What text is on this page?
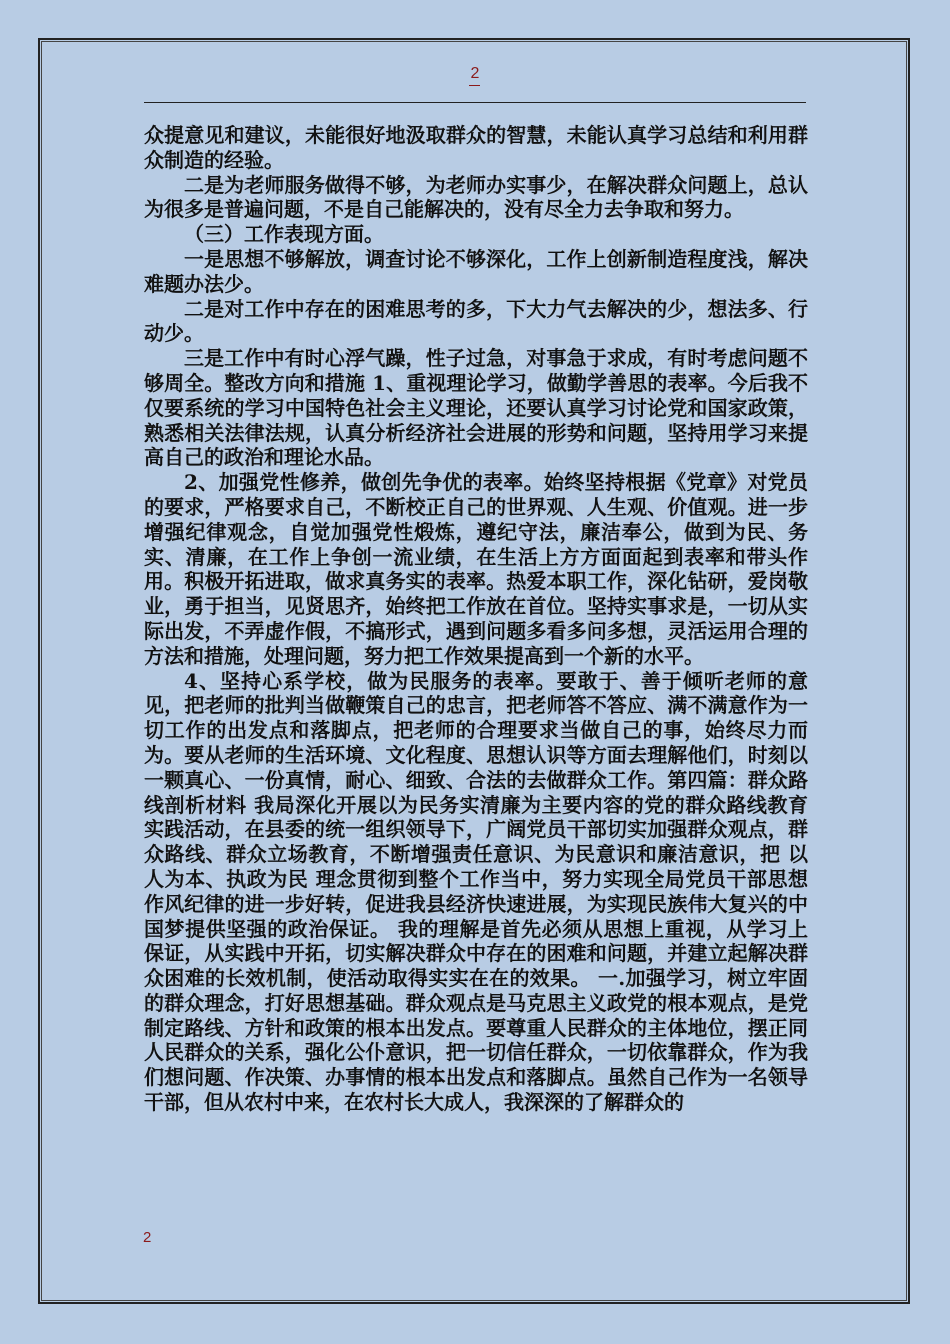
2

众提意见和建议，未能很好地汲取群众的智慧，未能认真学习总结和利用群众制造的经验。

二是为老师服务做得不够，为老师办实事少，在解决群众问题上，总认为很多是普遍问题，不是自己能解决的，没有尽全力去争取和努力。

（三）工作表现方面。

一是思想不够解放，调查讨论不够深化，工作上创新制造程度浅，解决难题办法少。

二是对工作中存在的困难思考的多，下大力气去解决的少，想法多、行动少。

三是工作中有时心浮气躁，性子过急，对事急于求成，有时考虑问题不够周全。整改方向和措施 1、重视理论学习，做勤学善思的表率。今后我不仅要系统的学习中国特色社会主义理论，还要认真学习讨论党和国家政策，熟悉相关法律法规，认真分析经济社会进展的形势和问题，坚持用学习来提高自己的政治和理论水品。

2、加强党性修养，做创先争优的表率。始终坚持根据《党章》对党员的要求，严格要求自己，不断校正自己的世界观、人生观、价值观。进一步增强纪律观念，自觉加强党性煅炼，遵纪守法，廉洁奉公，做到为民、务实、清廉，在工作上争创一流业绩，在生活上方方面面起到表率和带头作用。积极开拓进取，做求真务实的表率。热爱本职工作，深化钻研，爱岗敬业，勇于担当，见贤思齐，始终把工作放在首位。坚持实事求是，一切从实际出发，不弄虚作假，不搞形式，遇到问题多看多问多想，灵活运用合理的方法和措施，处理问题，努力把工作效果提高到一个新的水平。

4、坚持心系学校，做为民服务的表率。要敢于、善于倾听老师的意见，把老师的批判当做鞭策自己的忠言，把老师答不答应、满不满意作为一切工作的出发点和落脚点，把老师的合理要求当做自己的事，始终尽力而为。要从老师的生活环境、文化程度、思想认识等方面去理解他们，时刻以一颗真心、一份真情，耐心、细致、合法的去做群众工作。第四篇：群众路线剖析材料 我局深化开展以为民务实清廉为主要内容的党的群众路线教育实践活动，在县委的统一组织领导下，广阔党员干部切实加强群众观点，群众路线、群众立场教育，不断增强责任意识、为民意识和廉洁意识，把 以人为本、执政为民 理念贯彻到整个工作当中，努力实现全局党员干部思想作风纪律的进一步好转，促进我县经济快速进展，为实现民族伟大复兴的中国梦提供坚强的政治保证。 我的理解是首先必须从思想上重视，从学习上保证，从实践中开拓，切实解决群众中存在的困难和问题，并建立起解决群众困难的长效机制，使活动取得实实在在的效果。 一.加强学习，树立牢固的群众理念，打好思想基础。群众观点是马克思主义政党的根本观点，是党制定路线、方针和政策的根本出发点。要尊重人民群众的主体地位，摆正同人民群众的关系，强化公仆意识，把一切信任群众，一切依靠群众，作为我们想问题、作决策、办事情的根本出发点和落脚点。虽然自己作为一名领导干部，但从农村中来，在农村长大成人，我深深的了解群众的

2
